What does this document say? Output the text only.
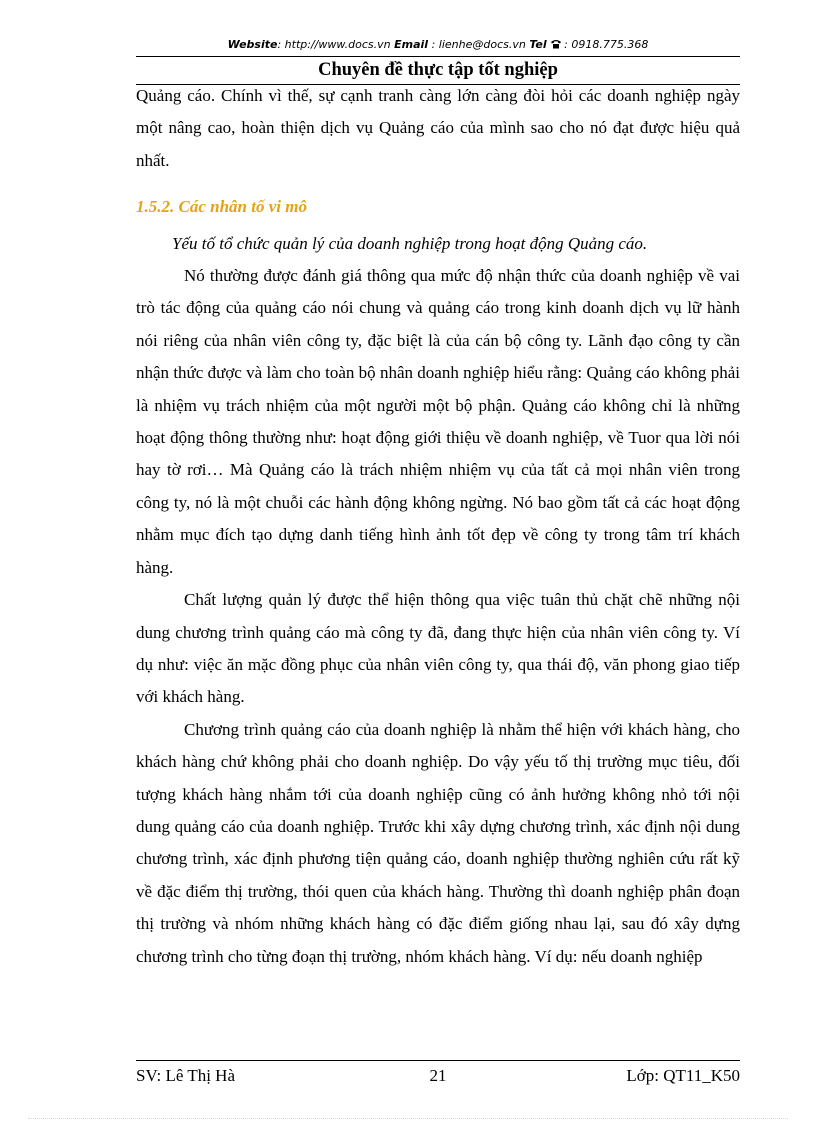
Website: http://www.docs.vn Email : lienhe@docs.vn Tel : 0918.775.368
Chuyên đề thực tập tốt nghiệp

Quảng cáo. Chính vì thế, sự cạnh tranh càng lớn càng đòi hỏi các doanh nghiệp ngày một nâng cao, hoàn thiện dịch vụ Quảng cáo của mình sao cho nó đạt được hiệu quả nhất.

1.5.2. Các nhân tố vi mô

Yếu tố tổ chức quản lý của doanh nghiệp trong hoạt động Quảng cáo.

Nó thường được đánh giá thông qua mức độ nhận thức của doanh nghiệp về vai trò tác động của quảng cáo nói chung và quảng cáo trong kinh doanh dịch vụ lữ hành nói riêng của nhân viên công ty, đặc biệt là của cán bộ công ty. Lãnh đạo công ty cần nhận thức được và làm cho toàn bộ nhân doanh nghiệp hiểu rằng: Quảng cáo không phải là nhiệm vụ trách nhiệm của một người một bộ phận. Quảng cáo không chỉ là những hoạt động thông thường như: hoạt động giới thiệu về doanh nghiệp, về Tuor qua lời nói hay tờ rơi… Mà Quảng cáo là trách nhiệm nhiệm vụ của tất cả mọi nhân viên trong công ty, nó là một chuỗi các hành động không ngừng. Nó bao gồm tất cả các hoạt động nhằm mục đích tạo dựng danh tiếng hình ảnh tốt đẹp về công ty trong tâm trí khách hàng.

Chất lượng quản lý được thể hiện thông qua việc tuân thủ chặt chẽ những nội dung chương trình quảng cáo mà công ty đã, đang thực hiện của nhân viên công ty. Ví dụ như: việc ăn mặc đồng phục của nhân viên công ty, qua thái độ, văn phong giao tiếp với khách hàng.

Chương trình quảng cáo của doanh nghiệp là nhằm thể hiện với khách hàng, cho khách hàng chứ không phải cho doanh nghiệp. Do vậy yếu tố thị trường mục tiêu, đối tượng khách hàng nhắm tới của doanh nghiệp cũng có ảnh hưởng không nhỏ tới nội dung quảng cáo của doanh nghiệp. Trước khi xây dựng chương trình, xác định nội dung chương trình, xác định phương tiện quảng cáo, doanh nghiệp thường nghiên cứu rất kỹ về đặc điểm thị trường, thói quen của khách hàng. Thường thì doanh nghiệp phân đoạn thị trường và nhóm những khách hàng có đặc điểm giống nhau lại, sau đó xây dựng chương trình cho từng đoạn thị trường, nhóm khách hàng. Ví dụ: nếu doanh nghiệp

SV: Lê Thị Hà	21	Lớp: QT11_K50
